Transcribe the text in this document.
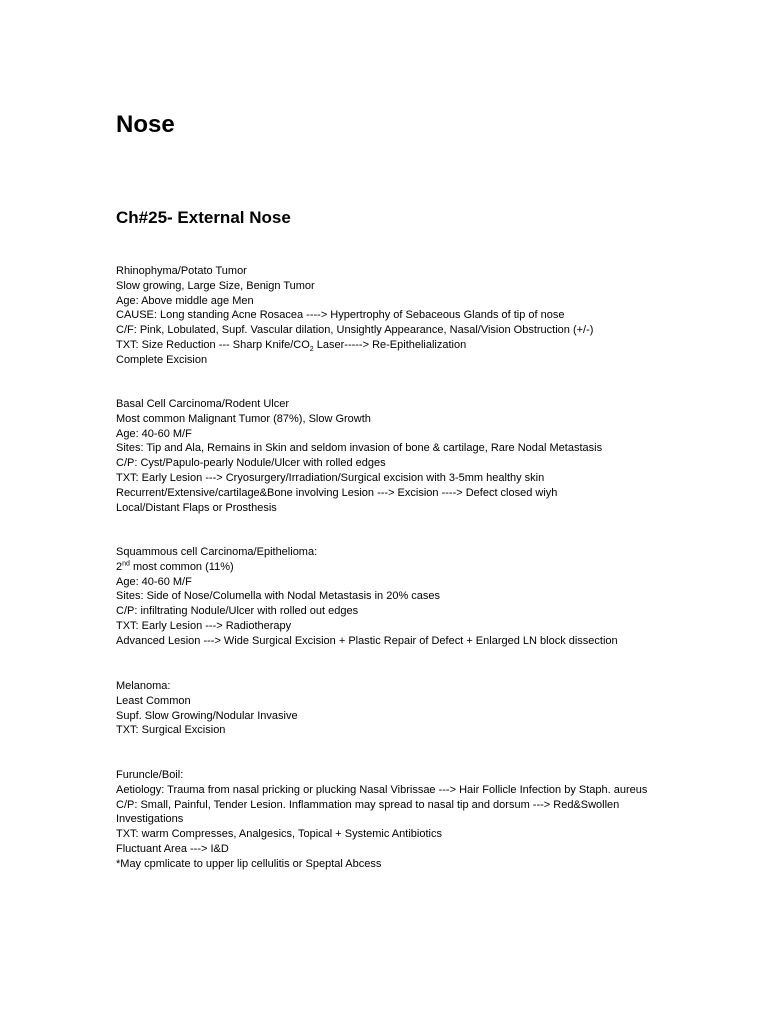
Nose
Ch#25- External Nose
Rhinophyma/Potato Tumor
Slow growing, Large Size, Benign Tumor
Age: Above middle age Men
CAUSE: Long standing Acne Rosacea ----> Hypertrophy of Sebaceous Glands of tip of nose
C/F: Pink, Lobulated, Supf. Vascular dilation, Unsightly Appearance, Nasal/Vision Obstruction (+/-)
TXT: Size Reduction --- Sharp Knife/$CO_2$ Laser-----> Re-Epithelialization
Complete Excision
Basal Cell Carcinoma/Rodent Ulcer
Most common Malignant Tumor (87%), Slow Growth
Age: 40-60 M/F
Sites: Tip and Ala, Remains in Skin and seldom invasion of bone & cartilage, Rare Nodal Metastasis
C/P: Cyst/Papulo-pearly Nodule/Ulcer with rolled edges
TXT: Early Lesion ---> Cryosurgery/Irradiation/Surgical excision with 3-5mm healthy skin
Recurrent/Extensive/cartilage&Bone involving Lesion ---> Excision ----> Defect closed wiyh
Local/Distant Flaps or Prosthesis
Squammous cell Carcinoma/Epithelioma:
2nd most common (11%)
Age: 40-60 M/F
Sites: Side of Nose/Columella with Nodal Metastasis in 20% cases
C/P: infiltrating Nodule/Ulcer with rolled out edges
TXT: Early Lesion ---> Radiotherapy
Advanced Lesion ---> Wide Surgical Excision + Plastic Repair of Defect + Enlarged LN block dissection
Melanoma:
Least Common
Supf. Slow Growing/Nodular Invasive
TXT: Surgical Excision
Furuncle/Boil:
Aetiology: Trauma from nasal pricking or plucking Nasal Vibrissae ---> Hair Follicle Infection by Staph. aureus
C/P: Small, Painful, Tender Lesion. Inflammation may spread to nasal tip and dorsum ---> Red&Swollen
Investigations
TXT: warm Compresses, Analgesics, Topical + Systemic Antibiotics
Fluctuant Area ---> I&D
*May cpmlicate to upper lip cellulitis or Speptal Abcess
